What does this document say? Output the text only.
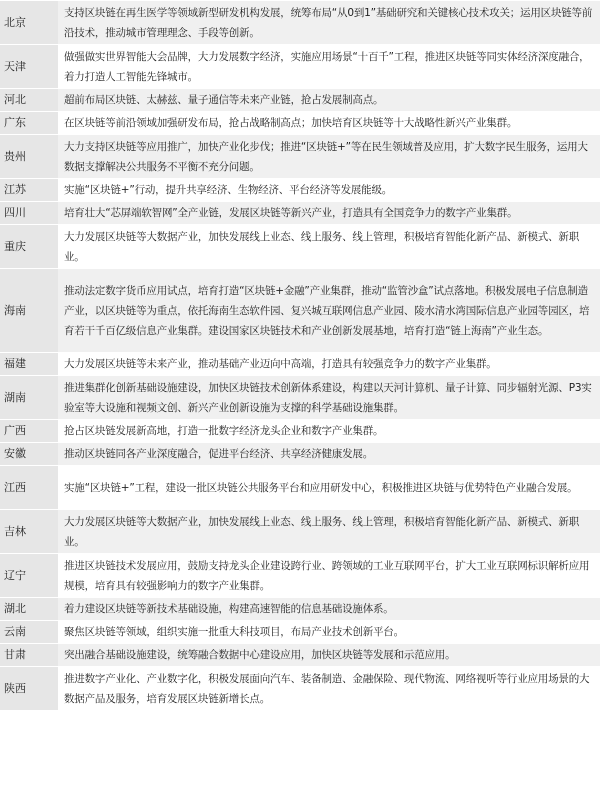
北京	支持区块链在再生医学等领域新型研发机构发展，统筹布局“从0到1”基础研究和关键核心技术攻关；运用区块链等前沿技术，推动城市管理理念、手段等创新。
天津	做强做实世界智能大会品牌，大力发展数字经济，实施应用场景“十百千”工程，推进区块链等同实体经济深度融合，着力打造人工智能先锋城市。
河北	超前布局区块链、太赫兹、量子通信等未来产业链，抢占发展制高点。
广东	在区块链等前沿领域加强研发布局，抢占战略制高点；加快培育区块链等十大战略性新兴产业集群。
贵州	大力支持区块链等应用推广，加快产业化步伐；推进“区块链+”等在民生领域普及应用，扩大数字民生服务，运用大数据支撑解决公共服务不平衡不充分问题。
江苏	实施“区块链+”行动，提升共享经济、生物经济、平台经济等发展能级。
四川	培育壮大“芯屏端软智网”全产业链，发展区块链等新兴产业，打造具有全国竞争力的数字产业集群。
重庆	大力发展区块链等大数据产业，加快发展线上业态、线上服务、线上管理，积极培育智能化新产品、新模式、新职业。
海南	推动法定数字货币应用试点，培育打造“区块链+金融”产业集群，推动“监管沙盒”试点落地。积极发展电子信息制造产业，以区块链等为重点，依托海南生态软件园、复兴城互联网信息产业园、陵水清水湾国际信息产业园等园区，培育若干千百亿级信息产业集群。建设国家区块链技术和产业创新发展基地，培育打造“链上海南”产业生态。
福建	大力发展区块链等未来产业，推动基础产业迈向中高端，打造具有较强竞争力的数字产业集群。
湖南	推进集群化创新基础设施建设，加快区块链技术创新体系建设，构建以天河计算机、量子计算、同步辐射光源、P3实验室等大设施和视频文创、新兴产业创新设施为支撑的科学基础设施集群。
广西	抢占区块链发展新高地，打造一批数字经济龙头企业和数字产业集群。
安徽	推动区块链同各产业深度融合，促进平台经济、共享经济健康发展。
江西	实施“区块链+”工程，建设一批区块链公共服务平台和应用研发中心，积极推进区块链与优势特色产业融合发展。
吉林	大力发展区块链等大数据产业，加快发展线上业态、线上服务、线上管理，积极培育智能化新产品、新模式、新职业。
辽宁	推进区块链技术发展应用，鼓励支持龙头企业建设跨行业、跨领域的工业互联网平台，扩大工业互联网标识解析应用规模，培育具有较强影响力的数字产业集群。
湖北	着力建设区块链等新技术基础设施，构建高速智能的信息基础设施体系。
云南	聚焦区块链等领域，组织实施一批重大科技项目，布局产业技术创新平台。
甘肃	突出融合基础设施建设，统筹融合数据中心建设应用，加快区块链等发展和示范应用。
陕西	推进数字产业化、产业数字化，积极发展面向汽车、装备制造、金融保险、现代物流、网络视听等行业应用场景的大数据产品及服务，培育发展区块链新增长点。
